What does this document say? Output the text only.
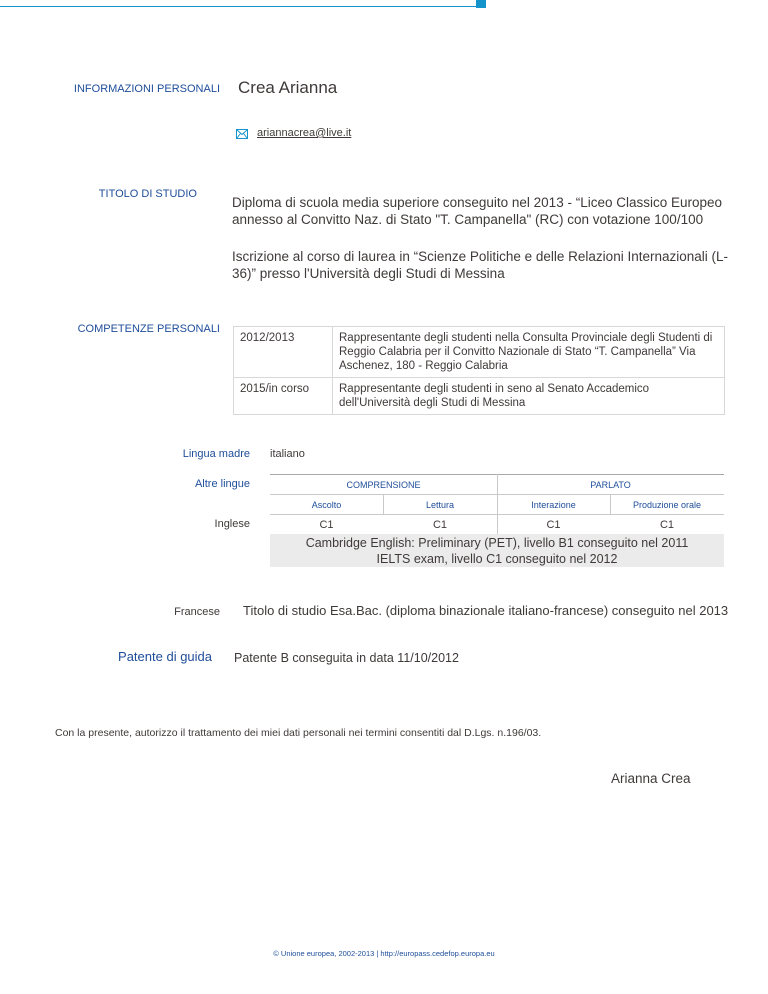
INFORMAZIONI PERSONALI Crea Arianna
ariannacrea@live.it
TITOLO DI STUDIO
Diploma di scuola media superiore conseguito nel 2013 - “Liceo Classico Europeo annesso al Convitto Naz. di Stato "T. Campanella" (RC) con votazione 100/100
Iscrizione al corso di laurea in “Scienze Politiche e delle Relazioni Internazionali (L-36)” presso l'Università degli Studi di Messina
COMPETENZE PERSONALI
2012/2013	Rappresentante degli studenti nella Consulta Provinciale degli Studenti di Reggio Calabria per il Convitto Nazionale di Stato “T. Campanella” Via Aschenez, 180 - Reggio Calabria
2015/in corso	Rappresentante degli studenti in seno al Senato Accademico dell'Università degli Studi di Messina
Lingua madre italiano
Altre lingue	COMPRENSIONE	PARLATO
Ascolto	Lettura	Interazione	Produzione orale
Inglese	C1	C1	C1	C1
Cambridge English: Preliminary (PET), livello B1 conseguito nel 2011
IELTS exam, livello C1 conseguito nel 2012
Francese Titolo di studio Esa.Bac. (diploma binazionale italiano-francese) conseguito nel 2013
Patente di guida Patente B conseguita in data 11/10/2012
Con la presente, autorizzo il trattamento dei miei dati personali nei termini consentiti dal D.Lgs. n.196/03.
Arianna Crea
© Unione europea, 2002-2013 | http://europass.cedefop.europa.eu
